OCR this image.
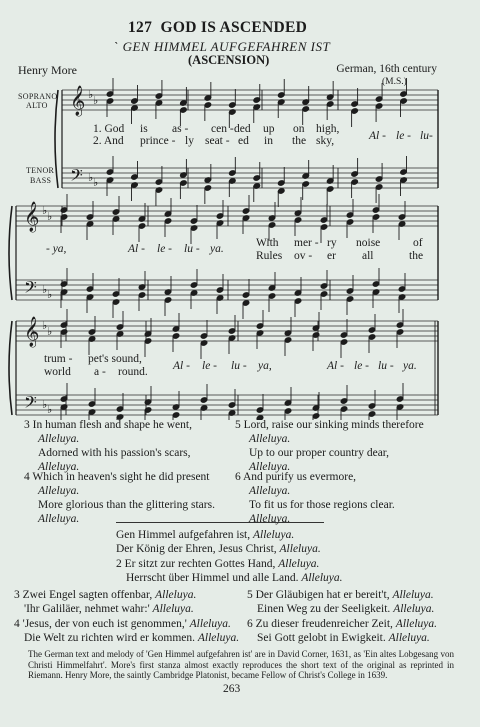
127 GOD IS ASCENDED
ˋ GEN HIMMEL AUFGEFAHREN IST
(ASCENSION)
Henry More	German, 16th century
(M.S.)
SOPRANO
ALTO
TENOR
BASS
𝄞
𝄢
♭ ♭
♭ ♭
𝄞
𝄢
♭ ♭
♭ ♭
𝄞
𝄢
♭ ♭
♭ ♭
1. God is as - cen - ded up on high,
2. And prince - ly seat - ed in the sky,	Al - le - lu-
- ya,	Al - le - lu - ya.	With mer - ry noise	of
Rules ov - er all	the
trum - pet's sound,
world a - round. Al - le - lu - ya,	Al - le - lu - ya.
3 In human flesh and shape he went,
Alleluya.
Adorned with his passion's scars,
Alleluya.
5 Lord, raise our sinking minds therefore
Alleluya.
Up to our proper country dear,
Alleluya.
4 Which in heaven's sight he did present
Alleluya.
More glorious than the glittering stars.
Alleluya.
6 And purify us evermore,
Alleluya.
To fit us for those regions clear.
Alleluya.
Gen Himmel aufgefahren ist, Alleluya.
Der König der Ehren, Jesus Christ, Alleluya.
2 Er sitzt zur rechten Gottes Hand, Alleluya.
Herrscht über Himmel und alle Land. Alleluya.
3 Zwei Engel sagten offenbar, Alleluya.
'Ihr Galiläer, nehmet wahr:' Alleluya.
5 Der Gläubigen hat er bereit't, Alleluya.
Einen Weg zu der Seeligkeit. Alleluya.
4 'Jesus, der von euch ist genommen,' Alleluya.
Die Welt zu richten wird er kommen. Alleluya.
6 Zu dieser freudenreicher Zeit, Alleluya.
Sei Gott gelobt in Ewigkeit. Alleluya.
The German text and melody of 'Gen Himmel aufgefahren ist' are in David Corner, 1631, as 'Ein altes Lobgesang von Christi Himmelfahrt'. More's first stanza almost exactly reproduces the short text of the original as reprinted in Riemann. Henry More, the saintly Cambridge Platonist, became Fellow of Christ's College in 1639.
263
